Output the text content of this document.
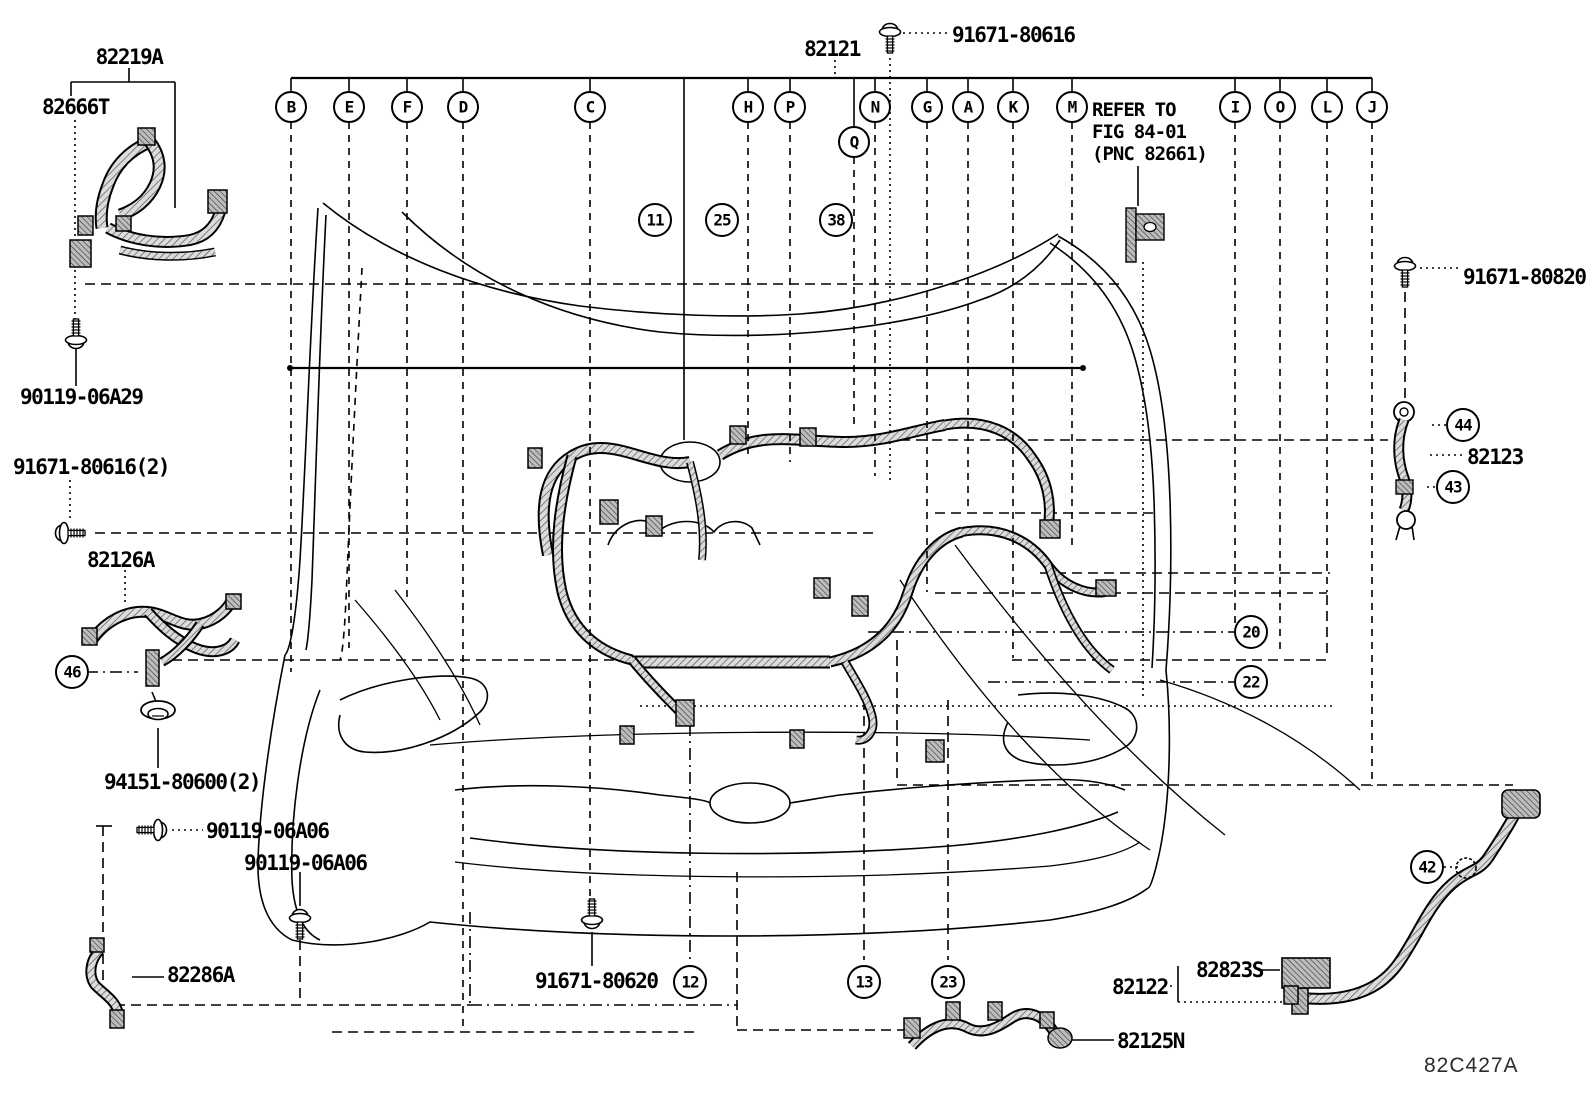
B	E	F	D	C	H P	N	G A K	M	I O L J
Q
11	25	38
20
22
44
43
46
42
12	13	23
82219A
82666T
90119-06A29
91671-80616(2)
82126A
94151-80600(2)
90119-06A06
90119-06A06
82286A	91671-80620
82125N
82122
82823S
91671-80616
91671-80820
82123
82121
REFER TO
FIG 84-01
(PNC 82661)
82C427A
